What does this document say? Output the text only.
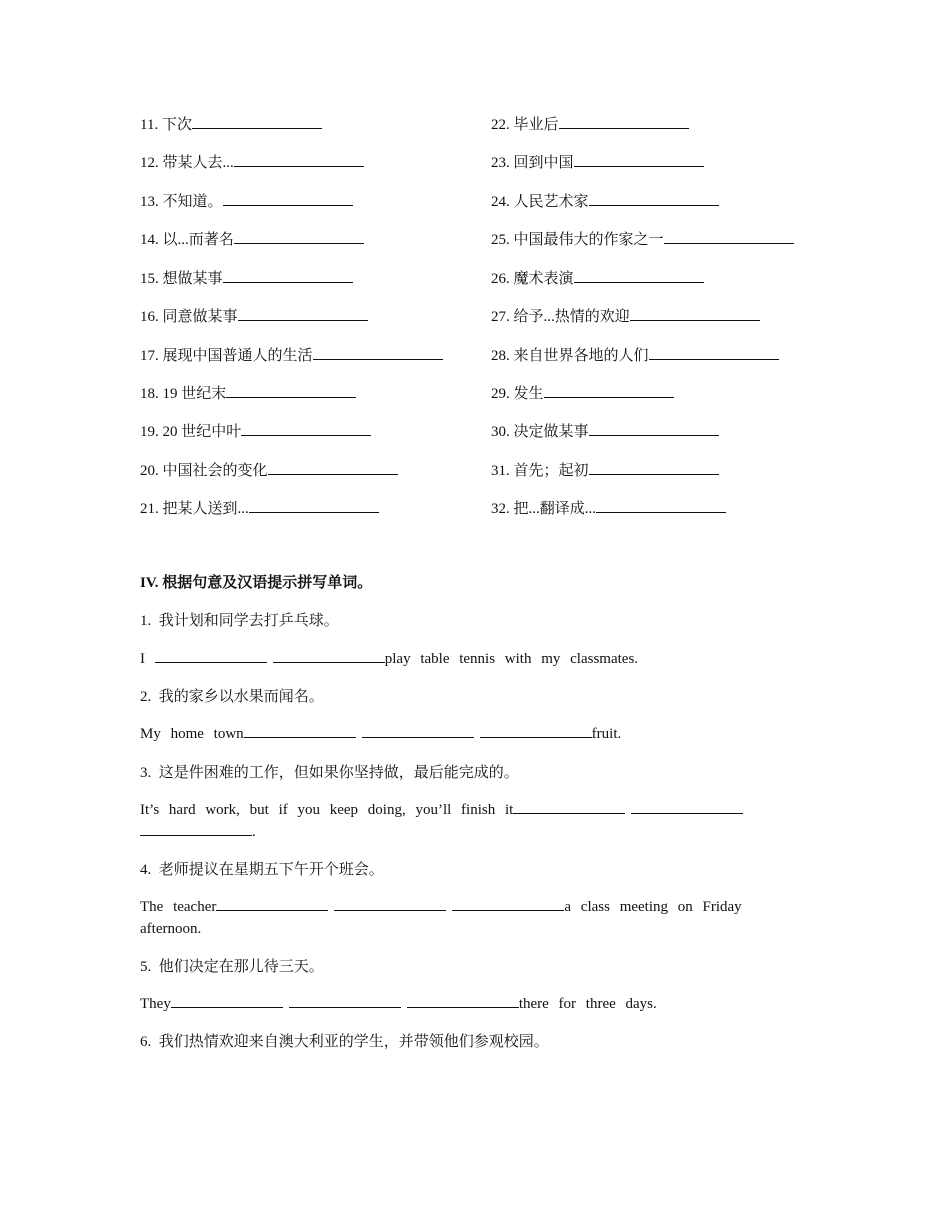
11. 下次
12. 带某人去...
13. 不知道。
14. 以...而著名
15. 想做某事
16. 同意做某事
17. 展现中国普通人的生活
18. 19 世纪末
19. 20 世纪中叶
20. 中国社会的变化
21. 把某人送到...
22. 毕业后
23. 回到中国
24. 人民艺术家
25. 中国最伟大的作家之一
26. 魔术表演
27. 给予...热情的欢迎
28. 来自世界各地的人们
29. 发生
30. 决定做某事
31. 首先；起初
32. 把...翻译成...
IV. 根据句意及汉语提示拼写单词。
1.  我计划和同学去打乒乓球。
I	play table tennis with my classmates.
2.  我的家乡以水果而闻名。
My home town	fruit.
3.  这是件困难的工作，但如果你坚持做，最后能完成的。
It’s hard work, but if you keep doing, you’ll finish it.
4.  老师提议在星期五下午开个班会。
The teacher	a class meeting on Friday afternoon.
5.  他们决定在那儿待三天。
They	there for three days.
6.  我们热情欢迎来自澳大利亚的学生，并带领他们参观校园。
